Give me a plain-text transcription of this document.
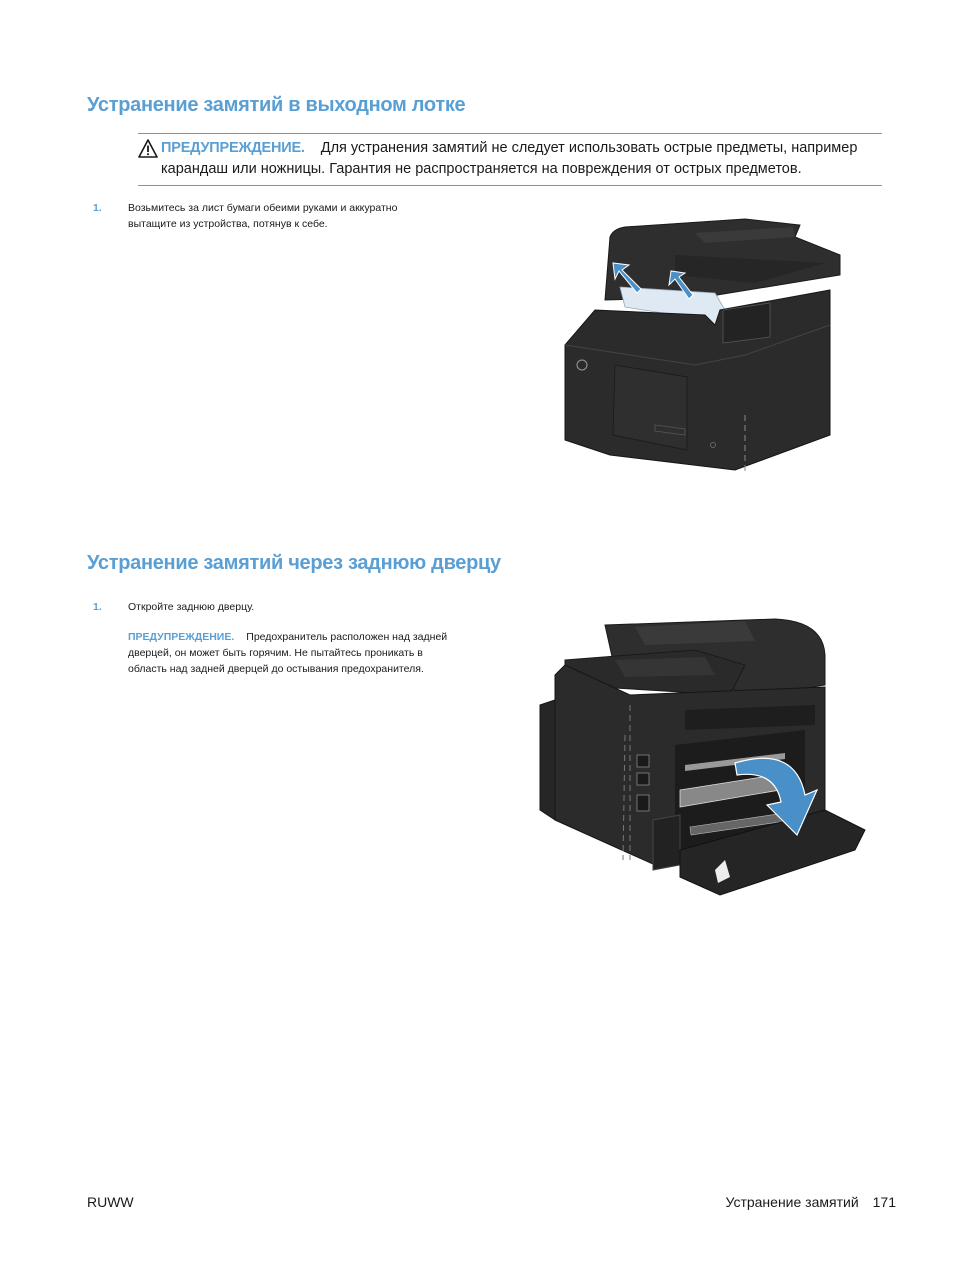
Устранение замятий в выходном лотке
ПРЕДУПРЕЖДЕНИЕ. Для устранения замятий не следует использовать острые предметы, например
карандаш или ножницы. Гарантия не распространяется на повреждения от острых предметов.
1.	Возьмитесь за лист бумаги обеими руками и аккуратно вытащите из устройства, потянув к себе.
Устранение замятий через заднюю дверцу
1.	Откройте заднюю дверцу.
ПРЕДУПРЕЖДЕНИЕ. Предохранитель расположен над задней дверцей, он может быть горячим. Не пытайтесь проникать в область над задней дверцей до остывания предохранителя.
RUWW	Устранение замятий 171
